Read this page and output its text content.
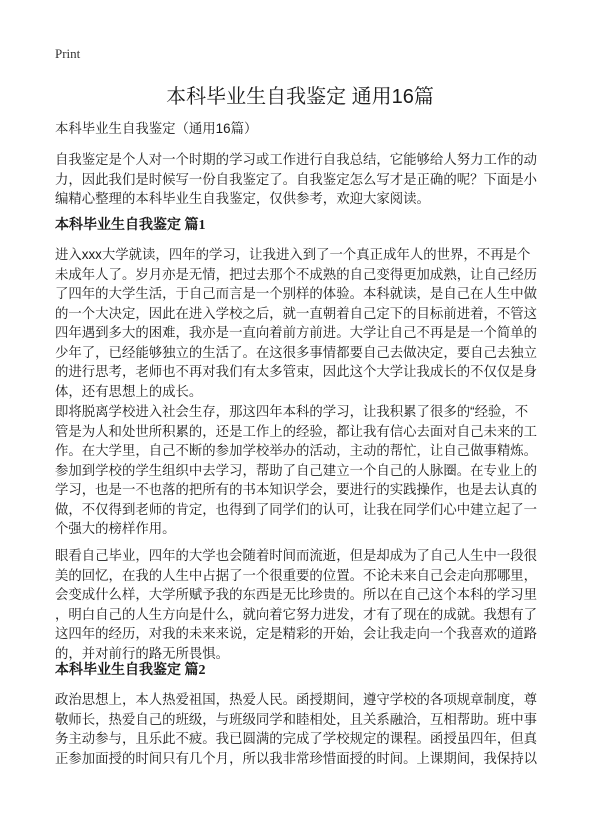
Print
本科毕业生自我鉴定 通用16篇
本科毕业生自我鉴定（通用16篇）
自我鉴定是个人对一个时期的学习或工作进行自我总结，它能够给人努力工作的动
力，因此我们是时候写一份自我鉴定了。自我鉴定怎么写才是正确的呢？下面是小
编精心整理的本科毕业生自我鉴定，仅供参考，欢迎大家阅读。
本科毕业生自我鉴定 篇1
进入xxx大学就读，四年的学习，让我进入到了一个真正成年人的世界，不再是个
未成年人了。岁月亦是无情，把过去那个不成熟的自己变得更加成熟，让自己经历
了四年的大学生活，于自己而言是一个别样的体验。本科就读，是自己在人生中做
的一个大决定，因此在进入学校之后，就一直朝着自己定下的目标前进着，不管这
四年遇到多大的困难，我亦是一直向着前方前进。大学让自己不再是是一个简单的
少年了，已经能够独立的生活了。在这很多事情都要自己去做决定，要自己去独立
的进行思考，老师也不再对我们有太多管束，因此这个大学让我成长的不仅仅是身
体，还有思想上的成长。
即将脱离学校进入社会生存，那这四年本科的学习，让我积累了很多的“经验，不
管是为人和处世所积累的，还是工作上的经验，都让我有信心去面对自己未来的工
作。在大学里，自己不断的参加学校举办的活动，主动的帮忙，让自己做事精炼。
参加到学校的学生组织中去学习，帮助了自己建立一个自己的人脉圈。在专业上的
学习，也是一不也落的把所有的书本知识学会，要进行的实践操作，也是去认真的
做，不仅得到老师的肯定，也得到了同学们的认可，让我在同学们心中建立起了一
个强大的榜样作用。
眼看自己毕业，四年的大学也会随着时间而流逝，但是却成为了自己人生中一段很
美的回忆，在我的人生中占据了一个很重要的位置。不论未来自己会走向那哪里，
会变成什么样，大学所赋予我的东西是无比珍贵的。所以在自己这个本科的学习里
，明白自己的人生方向是什么，就向着它努力进发，才有了现在的成就。我想有了
这四年的经历，对我的未来来说，定是精彩的开始，会让我走向一个我喜欢的道路
的，并对前行的路无所畏惧。
本科毕业生自我鉴定 篇2
政治思想上，本人热爱祖国，热爱人民。函授期间，遵守学校的各项规章制度，尊
敬师长，热爱自己的班级，与班级同学和睦相处，且关系融洽，互相帮助。班中事
务主动参与，且乐此不疲。我已圆满的完成了学校规定的课程。函授虽四年，但真
正参加面授的时间只有几个月，所以我非常珍惜面授的时间。上课期间，我保持以
